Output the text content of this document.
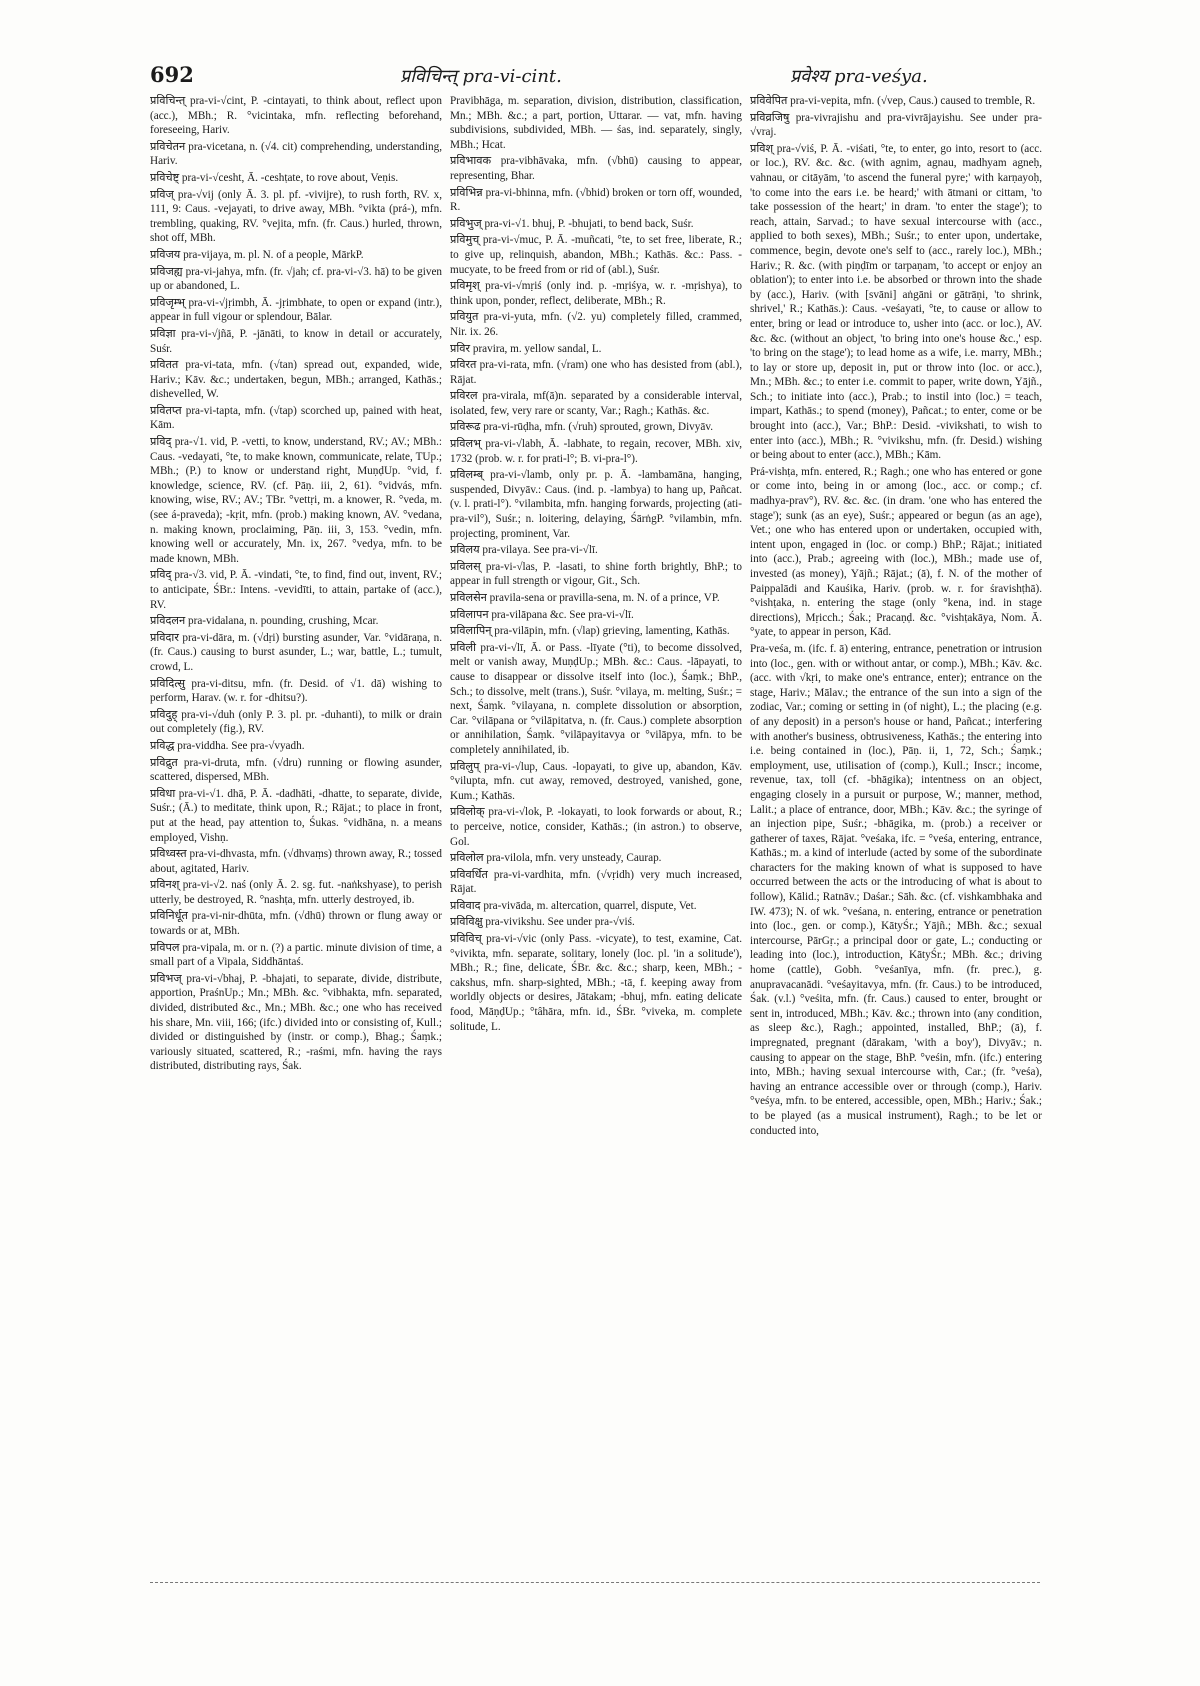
692	प्रविचिन्त् pra-vi-cint.	प्रवेश्य pra-veśya.

प्रविचिन्त् pra-vi-√cint, P. -cintayati, to think about, reflect upon (acc.), MBh.; R. °vicintaka, mfn. reflecting beforehand, foreseeing, Hariv.

प्रविचेतन pra-vicetana, n. (√4. cit) comprehending, understanding, Hariv.

प्रविचेष्ट् pra-vi-√cesht, Ā. -ceshṭate, to rove about, Veṇis.

प्रविज् pra-√vij (only Ā. 3. pl. pf. -vivijre), to rush forth, RV. x, 111, 9: Caus. -vejayati, to drive away, MBh. °vikta (prá-), mfn. trembling, quaking, RV. °vejita, mfn. (fr. Caus.) hurled, thrown, shot off, MBh.

प्रविजय pra-vijaya, m. pl. N. of a people, MārkP.

प्रविजह्य pra-vi-jahya, mfn. (fr. √jah; cf. pra-vi-√3. hā) to be given up or abandoned, L.

प्रविजृम्भ् pra-vi-√jṛimbh, Ā. -jṛimbhate, to open or expand (intr.), appear in full vigour or splendour, Bālar.

प्रविज्ञा pra-vi-√jñā, P. -jānāti, to know in detail or accurately, Suśr.

प्रवितत pra-vi-tata, mfn. (√tan) spread out, expanded, wide, Hariv.; Kāv. &c.; undertaken, begun, MBh.; arranged, Kathās.; dishevelled, W.

प्रवितप्त pra-vi-tapta, mfn. (√tap) scorched up, pained with heat, Kām.

प्रविद् pra-√1. vid, P. -vetti, to know, understand, RV.; AV.; MBh.: Caus. -vedayati, °te, to make known, communicate, relate, TUp.; MBh.; (P.) to know or understand right, MuṇḍUp. °vid, f. knowledge, science, RV. (cf. Pāṇ. iii, 2, 61). °vidvás, mfn. knowing, wise, RV.; AV.; TBr. °vettṛi, m. a knower, R. °veda, m. (see á-praveda); -kṛit, mfn. (prob.) making known, AV. °vedana, n. making known, proclaiming, Pāṇ. iii, 3, 153. °vedin, mfn. knowing well or accurately, Mn. ix, 267. °vedya, mfn. to be made known, MBh.

प्रविद् pra-√3. vid, P. Ā. -vindati, °te, to find, find out, invent, RV.; to anticipate, ŚBr.: Intens. -vevidīti, to attain, partake of (acc.), RV.

प्रविदलन pra-vidalana, n. pounding, crushing, Mcar.

प्रविदार pra-vi-dāra, m. (√dṛi) bursting asunder, Var. °vidāraṇa, n. (fr. Caus.) causing to burst asunder, L.; war, battle, L.; tumult, crowd, L.

प्रविदित्सु pra-vi-ditsu, mfn. (fr. Desid. of √1. dā) wishing to perform, Harav. (w. r. for -dhitsu?).

प्रविदुह् pra-vi-√duh (only P. 3. pl. pr. -duhanti), to milk or drain out completely (fig.), RV.

प्रविद्ध pra-viddha. See pra-√vyadh.

प्रविद्रुत pra-vi-druta, mfn. (√dru) running or flowing asunder, scattered, dispersed, MBh.

प्रविधा pra-vi-√1. dhā, P. Ā. -dadhāti, -dhatte, to separate, divide, Suśr.; (Ā.) to meditate, think upon, R.; Rājat.; to place in front, put at the head, pay attention to, Śukas. °vidhāna, n. a means employed, Vishṇ.

प्रविध्वस्त pra-vi-dhvasta, mfn. (√dhvaṃs) thrown away, R.; tossed about, agitated, Hariv.

प्रविनश् pra-vi-√2. naś (only Ā. 2. sg. fut. -naṅkshyase), to perish utterly, be destroyed, R. °nashṭa, mfn. utterly destroyed, ib.

प्रविनिर्धूत pra-vi-nir-dhūta, mfn. (√dhū) thrown or flung away or towards or at, MBh.

प्रविपल pra-vipala, m. or n. (?) a partic. minute division of time, a small part of a Vipala, Siddhāntaś.

प्रविभज् pra-vi-√bhaj, P. -bhajati, to separate, divide, distribute, apportion, PraśnUp.; Mn.; MBh. &c. °vibhakta, mfn. separated, divided, distributed &c., Mn.; MBh. &c.; one who has received his share, Mn. viii, 166; (ifc.) divided into or consisting of, Kull.; divided or distinguished by (instr. or comp.), Bhag.; Śaṃk.; variously situated, scattered, R.; -raśmi, mfn. having the rays distributed, distributing rays, Śak.

Pravibhāga, m. separation, division, distribution, classification, Mn.; MBh. &c.; a part, portion, Uttarar. — vat, mfn. having subdivisions, subdivided, MBh. — śas, ind. separately, singly, MBh.; Hcat.

प्रविभावक pra-vibhāvaka, mfn. (√bhū) causing to appear, representing, Bhar.

प्रविभिन्न pra-vi-bhinna, mfn. (√bhid) broken or torn off, wounded, R.

प्रविभुज् pra-vi-√1. bhuj, P. -bhujati, to bend back, Suśr.

प्रविमुच् pra-vi-√muc, P. Ā. -muñcati, °te, to set free, liberate, R.; to give up, relinquish, abandon, MBh.; Kathās. &c.: Pass. -mucyate, to be freed from or rid of (abl.), Suśr.

प्रविमृश् pra-vi-√mṛiś (only ind. p. -mṛiśya, w. r. -mṛishya), to think upon, ponder, reflect, deliberate, MBh.; R.

प्रवियुत pra-vi-yuta, mfn. (√2. yu) completely filled, crammed, Nir. ix. 26.

प्रविर pravira, m. yellow sandal, L.

प्रविरत pra-vi-rata, mfn. (√ram) one who has desisted from (abl.), Rājat.

प्रविरल pra-virala, mf(ā)n. separated by a considerable interval, isolated, few, very rare or scanty, Var.; Ragh.; Kathās. &c.

प्रविरूढ pra-vi-rūḍha, mfn. (√ruh) sprouted, grown, Divyāv.

प्रविलभ् pra-vi-√labh, Ā. -labhate, to regain, recover, MBh. xiv, 1732 (prob. w. r. for prati-l°; B. vi-pra-l°).

प्रविलम्ब् pra-vi-√lamb, only pr. p. Ā. -lambamāna, hanging, suspended, Divyāv.: Caus. (ind. p. -lambya) to hang up, Pañcat. (v. l. prati-l°). °vilambita, mfn. hanging forwards, projecting (ati-pra-vil°), Suśr.; n. loitering, delaying, ŚārṅgP. °vilambin, mfn. projecting, prominent, Var.

प्रविलय pra-vilaya. See pra-vi-√lī.

प्रविलस् pra-vi-√las, P. -lasati, to shine forth brightly, BhP.; to appear in full strength or vigour, Git., Sch.

प्रविलसेन pravila-sena or pravilla-sena, m. N. of a prince, VP.

प्रविलापन pra-vilāpana &c. See pra-vi-√lī.

प्रविलापिन् pra-vilāpin, mfn. (√lap) grieving, lamenting, Kathās.

प्रविली pra-vi-√lī, Ā. or Pass. -līyate (°ti), to become dissolved, melt or vanish away, MuṇḍUp.; MBh. &c.: Caus. -lāpayati, to cause to disappear or dissolve itself into (loc.), Śaṃk.; BhP., Sch.; to dissolve, melt (trans.), Suśr. °vilaya, m. melting, Suśr.; = next, Śaṃk. °vilayana, n. complete dissolution or absorption, Car. °vilāpana or °vilāpitatva, n. (fr. Caus.) complete absorption or annihilation, Śaṃk. °vilāpayitavya or °vilāpya, mfn. to be completely annihilated, ib.

प्रविलुप् pra-vi-√lup, Caus. -lopayati, to give up, abandon, Kāv. °vilupta, mfn. cut away, removed, destroyed, vanished, gone, Kum.; Kathās.

प्रविलोक् pra-vi-√lok, P. -lokayati, to look forwards or about, R.; to perceive, notice, consider, Kathās.; (in astron.) to observe, Gol.

प्रविलोल pra-vilola, mfn. very unsteady, Caurap.

प्रविवर्धित pra-vi-vardhita, mfn. (√vṛidh) very much increased, Rājat.

प्रविवाद pra-vivāda, m. altercation, quarrel, dispute, Vet.

प्रविविक्षु pra-vivikshu. See under pra-√viś.

प्रविविच् pra-vi-√vic (only Pass. -vicyate), to test, examine, Cat. °vivikta, mfn. separate, solitary, lonely (loc. pl. 'in a solitude'), MBh.; R.; fine, delicate, ŚBr. &c. &c.; sharp, keen, MBh.; -cakshus, mfn. sharp-sighted, MBh.; -tā, f. keeping away from worldly objects or desires, Jātakam; -bhuj, mfn. eating delicate food, MāṇḍUp.; °tâhāra, mfn. id., ŚBr. °viveka, m. complete solitude, L.

प्रविवेपित pra-vi-vepita, mfn. (√vep, Caus.) caused to tremble, R.

प्रविव्रजिषु pra-vivrajishu and pra-vivrājayishu. See under pra-√vraj.

प्रविश् pra-√viś, P. Ā. -viśati, °te, to enter, go into, resort to (acc. or loc.), RV. &c. &c. (with agnim, agnau, madhyam agneḥ, vahnau, or citāyām, 'to ascend the funeral pyre;' with karṇayoḥ, 'to come into the ears i.e. be heard;' with ātmani or cittam, 'to take possession of the heart;' in dram. 'to enter the stage'); to reach, attain, Sarvad.; to have sexual intercourse with (acc., applied to both sexes), MBh.; Suśr.; to enter upon, undertake, commence, begin, devote one's self to (acc., rarely loc.), MBh.; Hariv.; R. &c. (with piṇḍīm or tarpaṇam, 'to accept or enjoy an oblation'); to enter into i.e. be absorbed or thrown into the shade by (acc.), Hariv. (with [svāni] aṅgāni or gātrāṇi, 'to shrink, shrivel,' R.; Kathās.): Caus. -veśayati, °te, to cause or allow to enter, bring or lead or introduce to, usher into (acc. or loc.), AV. &c. &c. (without an object, 'to bring into one's house &c.,' esp. 'to bring on the stage'); to lead home as a wife, i.e. marry, MBh.; to lay or store up, deposit in, put or throw into (loc. or acc.), Mn.; MBh. &c.; to enter i.e. commit to paper, write down, Yājñ., Sch.; to initiate into (acc.), Prab.; to instil into (loc.) = teach, impart, Kathās.; to spend (money), Pañcat.; to enter, come or be brought into (acc.), Var.; BhP.: Desid. -vivikshati, to wish to enter into (acc.), MBh.; R. °vivikshu, mfn. (fr. Desid.) wishing or being about to enter (acc.), MBh.; Kām.

Prá-vishṭa, mfn. entered, R.; Ragh.; one who has entered or gone or come into, being in or among (loc., acc. or comp.; cf. madhya-prav°), RV. &c. &c. (in dram. 'one who has entered the stage'); sunk (as an eye), Suśr.; appeared or begun (as an age), Vet.; one who has entered upon or undertaken, occupied with, intent upon, engaged in (loc. or comp.) BhP.; Rājat.; initiated into (acc.), Prab.; agreeing with (loc.), MBh.; made use of, invested (as money), Yājñ.; Rājat.; (ā), f. N. of the mother of Paippalādi and Kauśika, Hariv. (prob. w. r. for śravishṭhā). °vishṭaka, n. entering the stage (only °kena, ind. in stage directions), Mṛicch.; Śak.; Pracaṇḍ. &c. °vishṭakāya, Nom. Ā. °yate, to appear in person, Kād.

Pra-veśa, m. (ifc. f. ā) entering, entrance, penetration or intrusion into (loc., gen. with or without antar, or comp.), MBh.; Kāv. &c. (acc. with √kṛi, to make one's entrance, enter); entrance on the stage, Hariv.; Mālav.; the entrance of the sun into a sign of the zodiac, Var.; coming or setting in (of night), L.; the placing (e.g. of any deposit) in a person's house or hand, Pañcat.; interfering with another's business, obtrusiveness, Kathās.; the entering into i.e. being contained in (loc.), Pāṇ. ii, 1, 72, Sch.; Śaṃk.; employment, use, utilisation of (comp.), Kull.; Inscr.; income, revenue, tax, toll (cf. -bhāgika); intentness on an object, engaging closely in a pursuit or purpose, W.; manner, method, Lalit.; a place of entrance, door, MBh.; Kāv. &c.; the syringe of an injection pipe, Suśr.; -bhāgika, m. (prob.) a receiver or gatherer of taxes, Rājat. °veśaka, ifc. = °veśa, entering, entrance, Kathās.; m. a kind of interlude (acted by some of the subordinate characters for the making known of what is supposed to have occurred between the acts or the introducing of what is about to follow), Kālid.; Ratnāv.; Daśar.; Sāh. &c. (cf. vishkambhaka and IW. 473); N. of wk. °veśana, n. entering, entrance or penetration into (loc., gen. or comp.), KātyŚr.; Yājñ.; MBh. &c.; sexual intercourse, PārGṛ.; a principal door or gate, L.; conducting or leading into (loc.), introduction, KātyŚr.; MBh. &c.; driving home (cattle), Gobh. °veśanīya, mfn. (fr. prec.), g. anupravacanādi. °veśayitavya, mfn. (fr. Caus.) to be introduced, Śak. (v.l.) °veśita, mfn. (fr. Caus.) caused to enter, brought or sent in, introduced, MBh.; Kāv. &c.; thrown into (any condition, as sleep &c.), Ragh.; appointed, installed, BhP.; (ā), f. impregnated, pregnant (dārakam, 'with a boy'), Divyāv.; n. causing to appear on the stage, BhP. °veśin, mfn. (ifc.) entering into, MBh.; having sexual intercourse with, Car.; (fr. °veśa), having an entrance accessible over or through (comp.), Hariv. °veśya, mfn. to be entered, accessible, open, MBh.; Hariv.; Śak.; to be played (as a musical instrument), Ragh.; to be let or conducted into,
